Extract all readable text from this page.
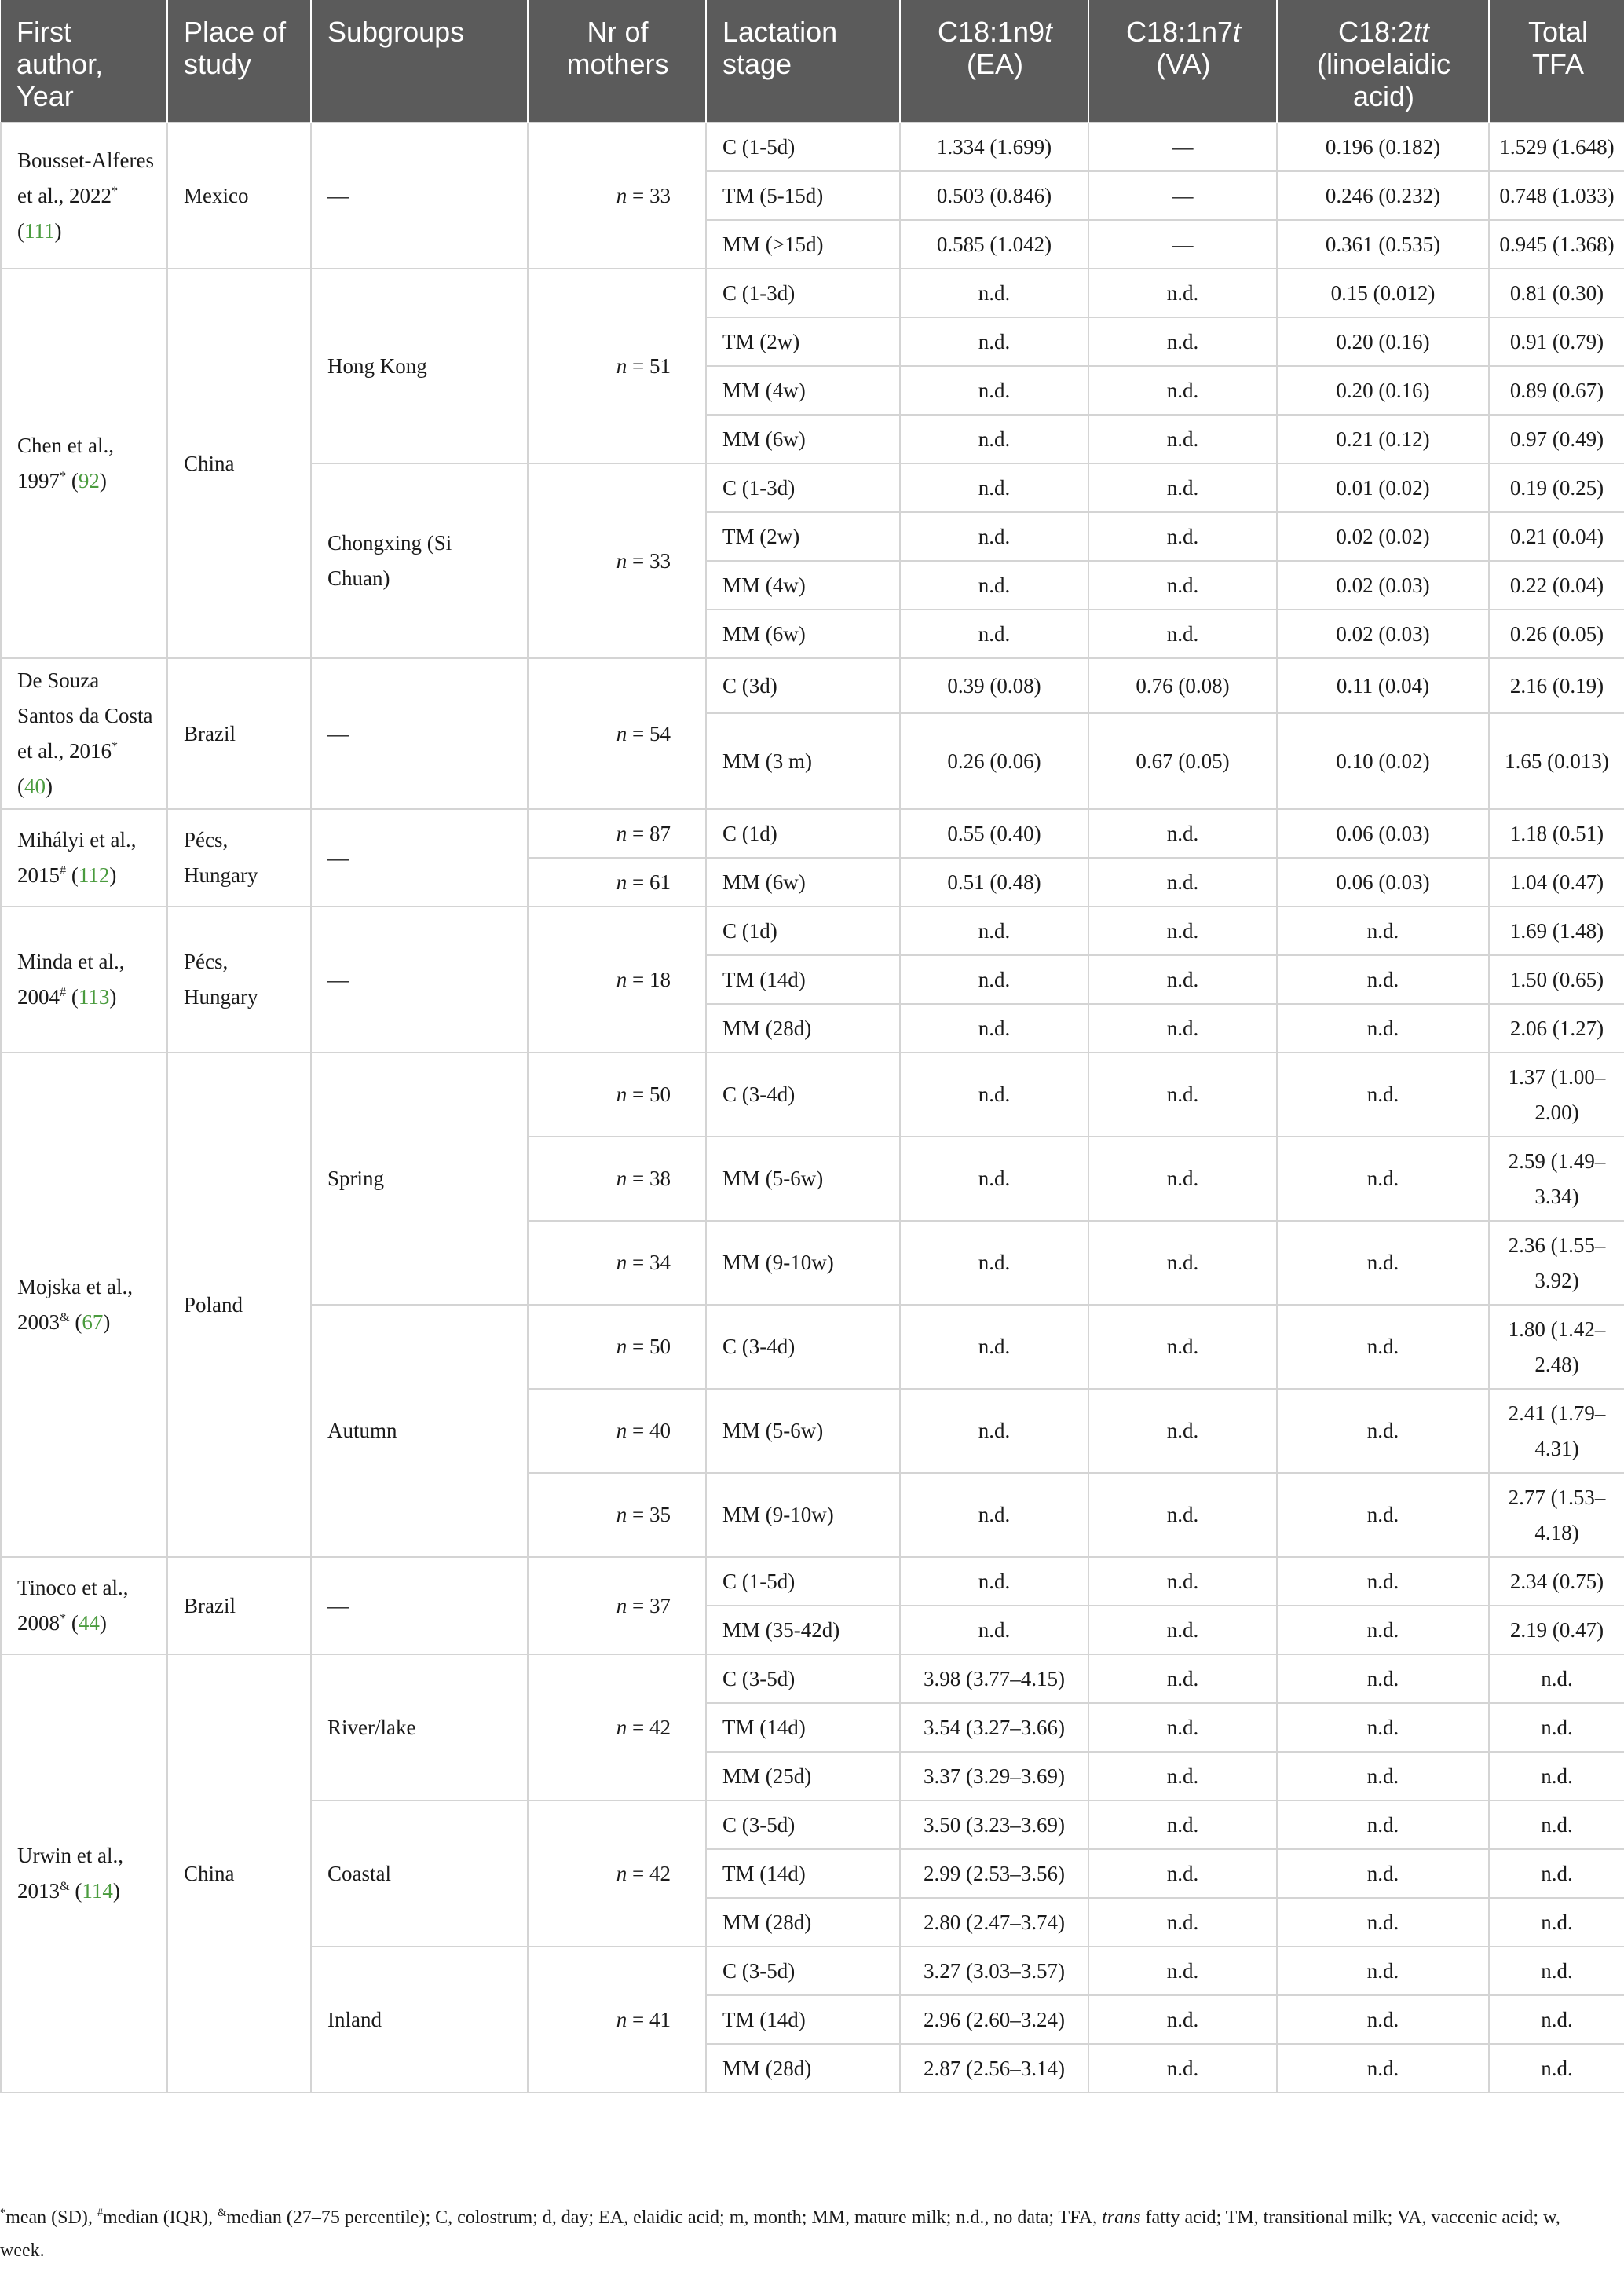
First author, Year	Place of study	Subgroups	Nr of mothers	Lactation stage	C18:1n9t (EA)	C18:1n7t (VA)	C18:2tt (linoelaidic acid)	Total TFA
Bousset-Alferes et al., 2022* (111)	Mexico	—	n = 33	C (1-5d)	1.334 (1.699)	—	0.196 (0.182)	1.529 (1.648)
				TM (5-15d)	0.503 (0.846)	—	0.246 (0.232)	0.748 (1.033)
				MM (>15d)	0.585 (1.042)	—	0.361 (0.535)	0.945 (1.368)
Chen et al., 1997* (92)	China	Hong Kong	n = 51	C (1-3d)	n.d.	n.d.	0.15 (0.012)	0.81 (0.30)
				TM (2w)	n.d.	n.d.	0.20 (0.16)	0.91 (0.79)
				MM (4w)	n.d.	n.d.	0.20 (0.16)	0.89 (0.67)
				MM (6w)	n.d.	n.d.	0.21 (0.12)	0.97 (0.49)
		Chongxing (Si Chuan)	n = 33	C (1-3d)	n.d.	n.d.	0.01 (0.02)	0.19 (0.25)
				TM (2w)	n.d.	n.d.	0.02 (0.02)	0.21 (0.04)
				MM (4w)	n.d.	n.d.	0.02 (0.03)	0.22 (0.04)
				MM (6w)	n.d.	n.d.	0.02 (0.03)	0.26 (0.05)
De Souza Santos da Costa et al., 2016* (40)	Brazil	—	n = 54	C (3d)	0.39 (0.08)	0.76 (0.08)	0.11 (0.04)	2.16 (0.19)
				MM (3 m)	0.26 (0.06)	0.67 (0.05)	0.10 (0.02)	1.65 (0.013)
Mihályi et al., 2015# (112)	Pécs, Hungary	—	n = 87	C (1d)	0.55 (0.40)	n.d.	0.06 (0.03)	1.18 (0.51)
			n = 61	MM (6w)	0.51 (0.48)	n.d.	0.06 (0.03)	1.04 (0.47)
Minda et al., 2004# (113)	Pécs, Hungary	—	n = 18	C (1d)	n.d.	n.d.	n.d.	1.69 (1.48)
				TM (14d)	n.d.	n.d.	n.d.	1.50 (0.65)
				MM (28d)	n.d.	n.d.	n.d.	2.06 (1.27)
Mojska et al., 2003& (67)	Poland	Spring	n = 50	C (3-4d)	n.d.	n.d.	n.d.	1.37 (1.00–2.00)
			n = 38	MM (5-6w)	n.d.	n.d.	n.d.	2.59 (1.49–3.34)
			n = 34	MM (9-10w)	n.d.	n.d.	n.d.	2.36 (1.55–3.92)
		Autumn	n = 50	C (3-4d)	n.d.	n.d.	n.d.	1.80 (1.42–2.48)
			n = 40	MM (5-6w)	n.d.	n.d.	n.d.	2.41 (1.79–4.31)
			n = 35	MM (9-10w)	n.d.	n.d.	n.d.	2.77 (1.53–4.18)
Tinoco et al., 2008* (44)	Brazil	—	n = 37	C (1-5d)	n.d.	n.d.	n.d.	2.34 (0.75)
				MM (35-42d)	n.d.	n.d.	n.d.	2.19 (0.47)
Urwin et al., 2013& (114)	China	River/lake	n = 42	C (3-5d)	3.98 (3.77–4.15)	n.d.	n.d.	n.d.
				TM (14d)	3.54 (3.27–3.66)	n.d.	n.d.	n.d.
				MM (25d)	3.37 (3.29–3.69)	n.d.	n.d.	n.d.
		Coastal	n = 42	C (3-5d)	3.50 (3.23–3.69)	n.d.	n.d.	n.d.
				TM (14d)	2.99 (2.53–3.56)	n.d.	n.d.	n.d.
				MM (28d)	2.80 (2.47–3.74)	n.d.	n.d.	n.d.
		Inland	n = 41	C (3-5d)	3.27 (3.03–3.57)	n.d.	n.d.	n.d.
				TM (14d)	2.96 (2.60–3.24)	n.d.	n.d.	n.d.
				MM (28d)	2.87 (2.56–3.14)	n.d.	n.d.	n.d.
*mean (SD), #median (IQR), &median (27–75 percentile); C, colostrum; d, day; EA, elaidic acid; m, month; MM, mature milk; n.d., no data; TFA, trans fatty acid; TM, transitional milk; VA, vaccenic acid; w, week.
